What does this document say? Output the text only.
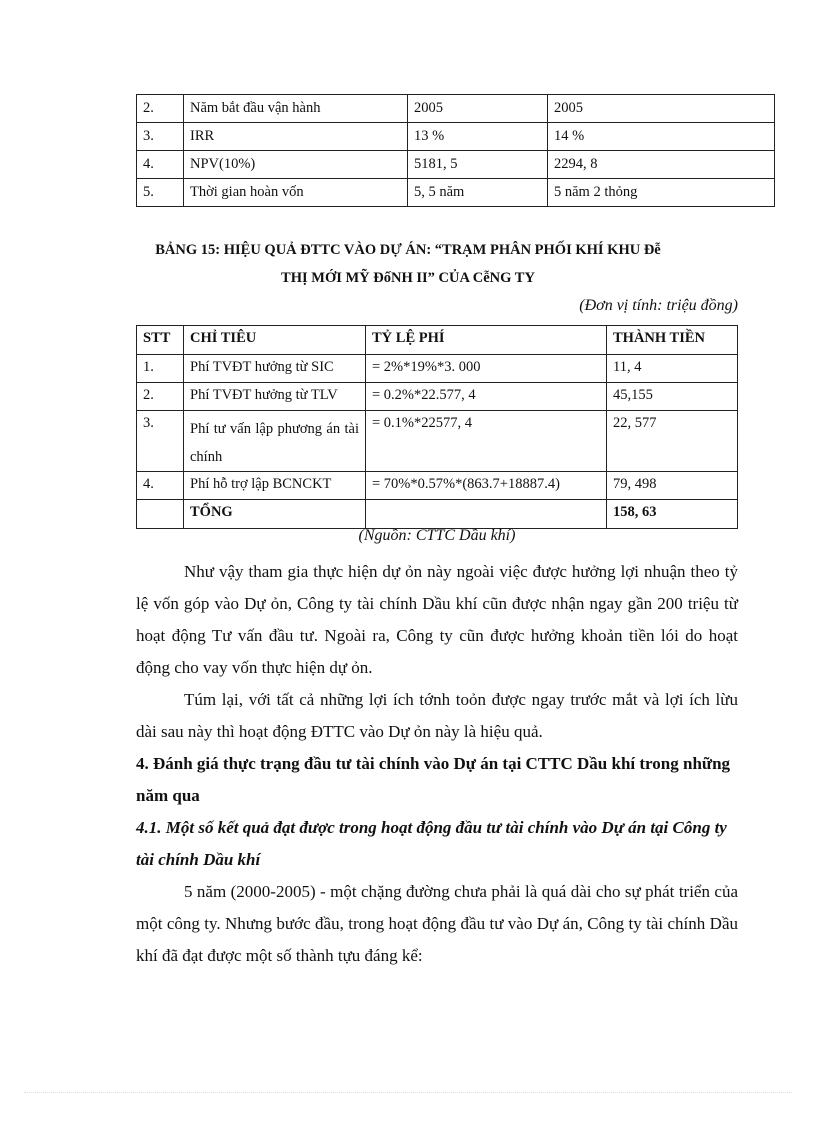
2.	Năm bắt đầu vận hành	2005	2005
3.	IRR	13 %	14 %
4.	NPV(10%)	5181, 5	2294, 8
5.	Thời gian hoàn vốn	5, 5 năm	5 năm 2 thỏng
BẢNG 15: HIỆU QUẢ ĐTTC VÀO DỰ ÁN: “TRẠM PHÂN PHỐI KHÍ KHU Đễ
THỊ MỚI MỸ ĐốNH II” CỦA CễNG TY
(Đơn vị tính: triệu đồng)
STT	CHỈ TIÊU	TỶ LỆ PHÍ	THÀNH TIỀN
1.	Phí TVĐT hưởng từ SIC	= 2%*19%*3. 000	11, 4
2.	Phí TVĐT hưởng từ TLV	= 0.2%*22.577, 4	45,155
3.	Phí tư vấn lập phương án tài chính	= 0.1%*22577, 4	22, 577
4.	Phí hỗ trợ lập BCNCKT	= 70%*0.57%*(863.7+18887.4)	79, 498
	TỔNG		158, 63
(Nguồn: CTTC Dầu khí)
Như vậy tham gia thực hiện dự ỏn này ngoài việc được hưởng lợi nhuận theo tỷ lệ vốn góp vào Dự ỏn, Công ty tài chính Dầu khí cũn được nhận ngay gần 200 triệu từ hoạt động Tư vấn đầu tư. Ngoài ra, Công ty cũn được hưởng khoản tiền lói do hoạt động cho vay vốn thực hiện dự ỏn.
Túm lại, với tất cả những lợi ích tớnh toỏn được ngay trước mắt và lợi ích lừu dài sau này thì hoạt động ĐTTC vào Dự ỏn này là hiệu quả.
4. Đánh giá thực trạng đầu tư tài chính vào Dự án tại CTTC Dầu khí trong những năm qua
4.1. Một số kết quả đạt được trong hoạt động đầu tư tài chính vào Dự án tại Công ty tài chính Dầu khí
5 năm (2000-2005) - một chặng đường chưa phải là quá dài cho sự phát triển của một công ty. Nhưng bước đầu, trong hoạt động đầu tư vào Dự án, Công ty tài chính Dầu khí đã đạt được một số thành tựu đáng kể:
